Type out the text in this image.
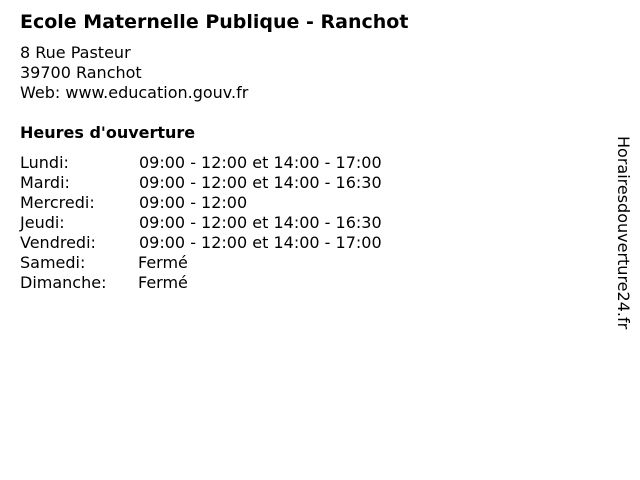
Ecole Maternelle Publique - Ranchot
8 Rue Pasteur
39700 Ranchot
Web: www.education.gouv.fr
Heures d'ouverture
Lundi:	09:00 - 12:00 et 14:00 - 17:00
Mardi:	09:00 - 12:00 et 14:00 - 16:30
Mercredi:	09:00 - 12:00
Jeudi:	09:00 - 12:00 et 14:00 - 16:30
Vendredi:	09:00 - 12:00 et 14:00 - 17:00
Samedi:	Fermé
Dimanche: Fermé	Horairesdouverture24.fr
